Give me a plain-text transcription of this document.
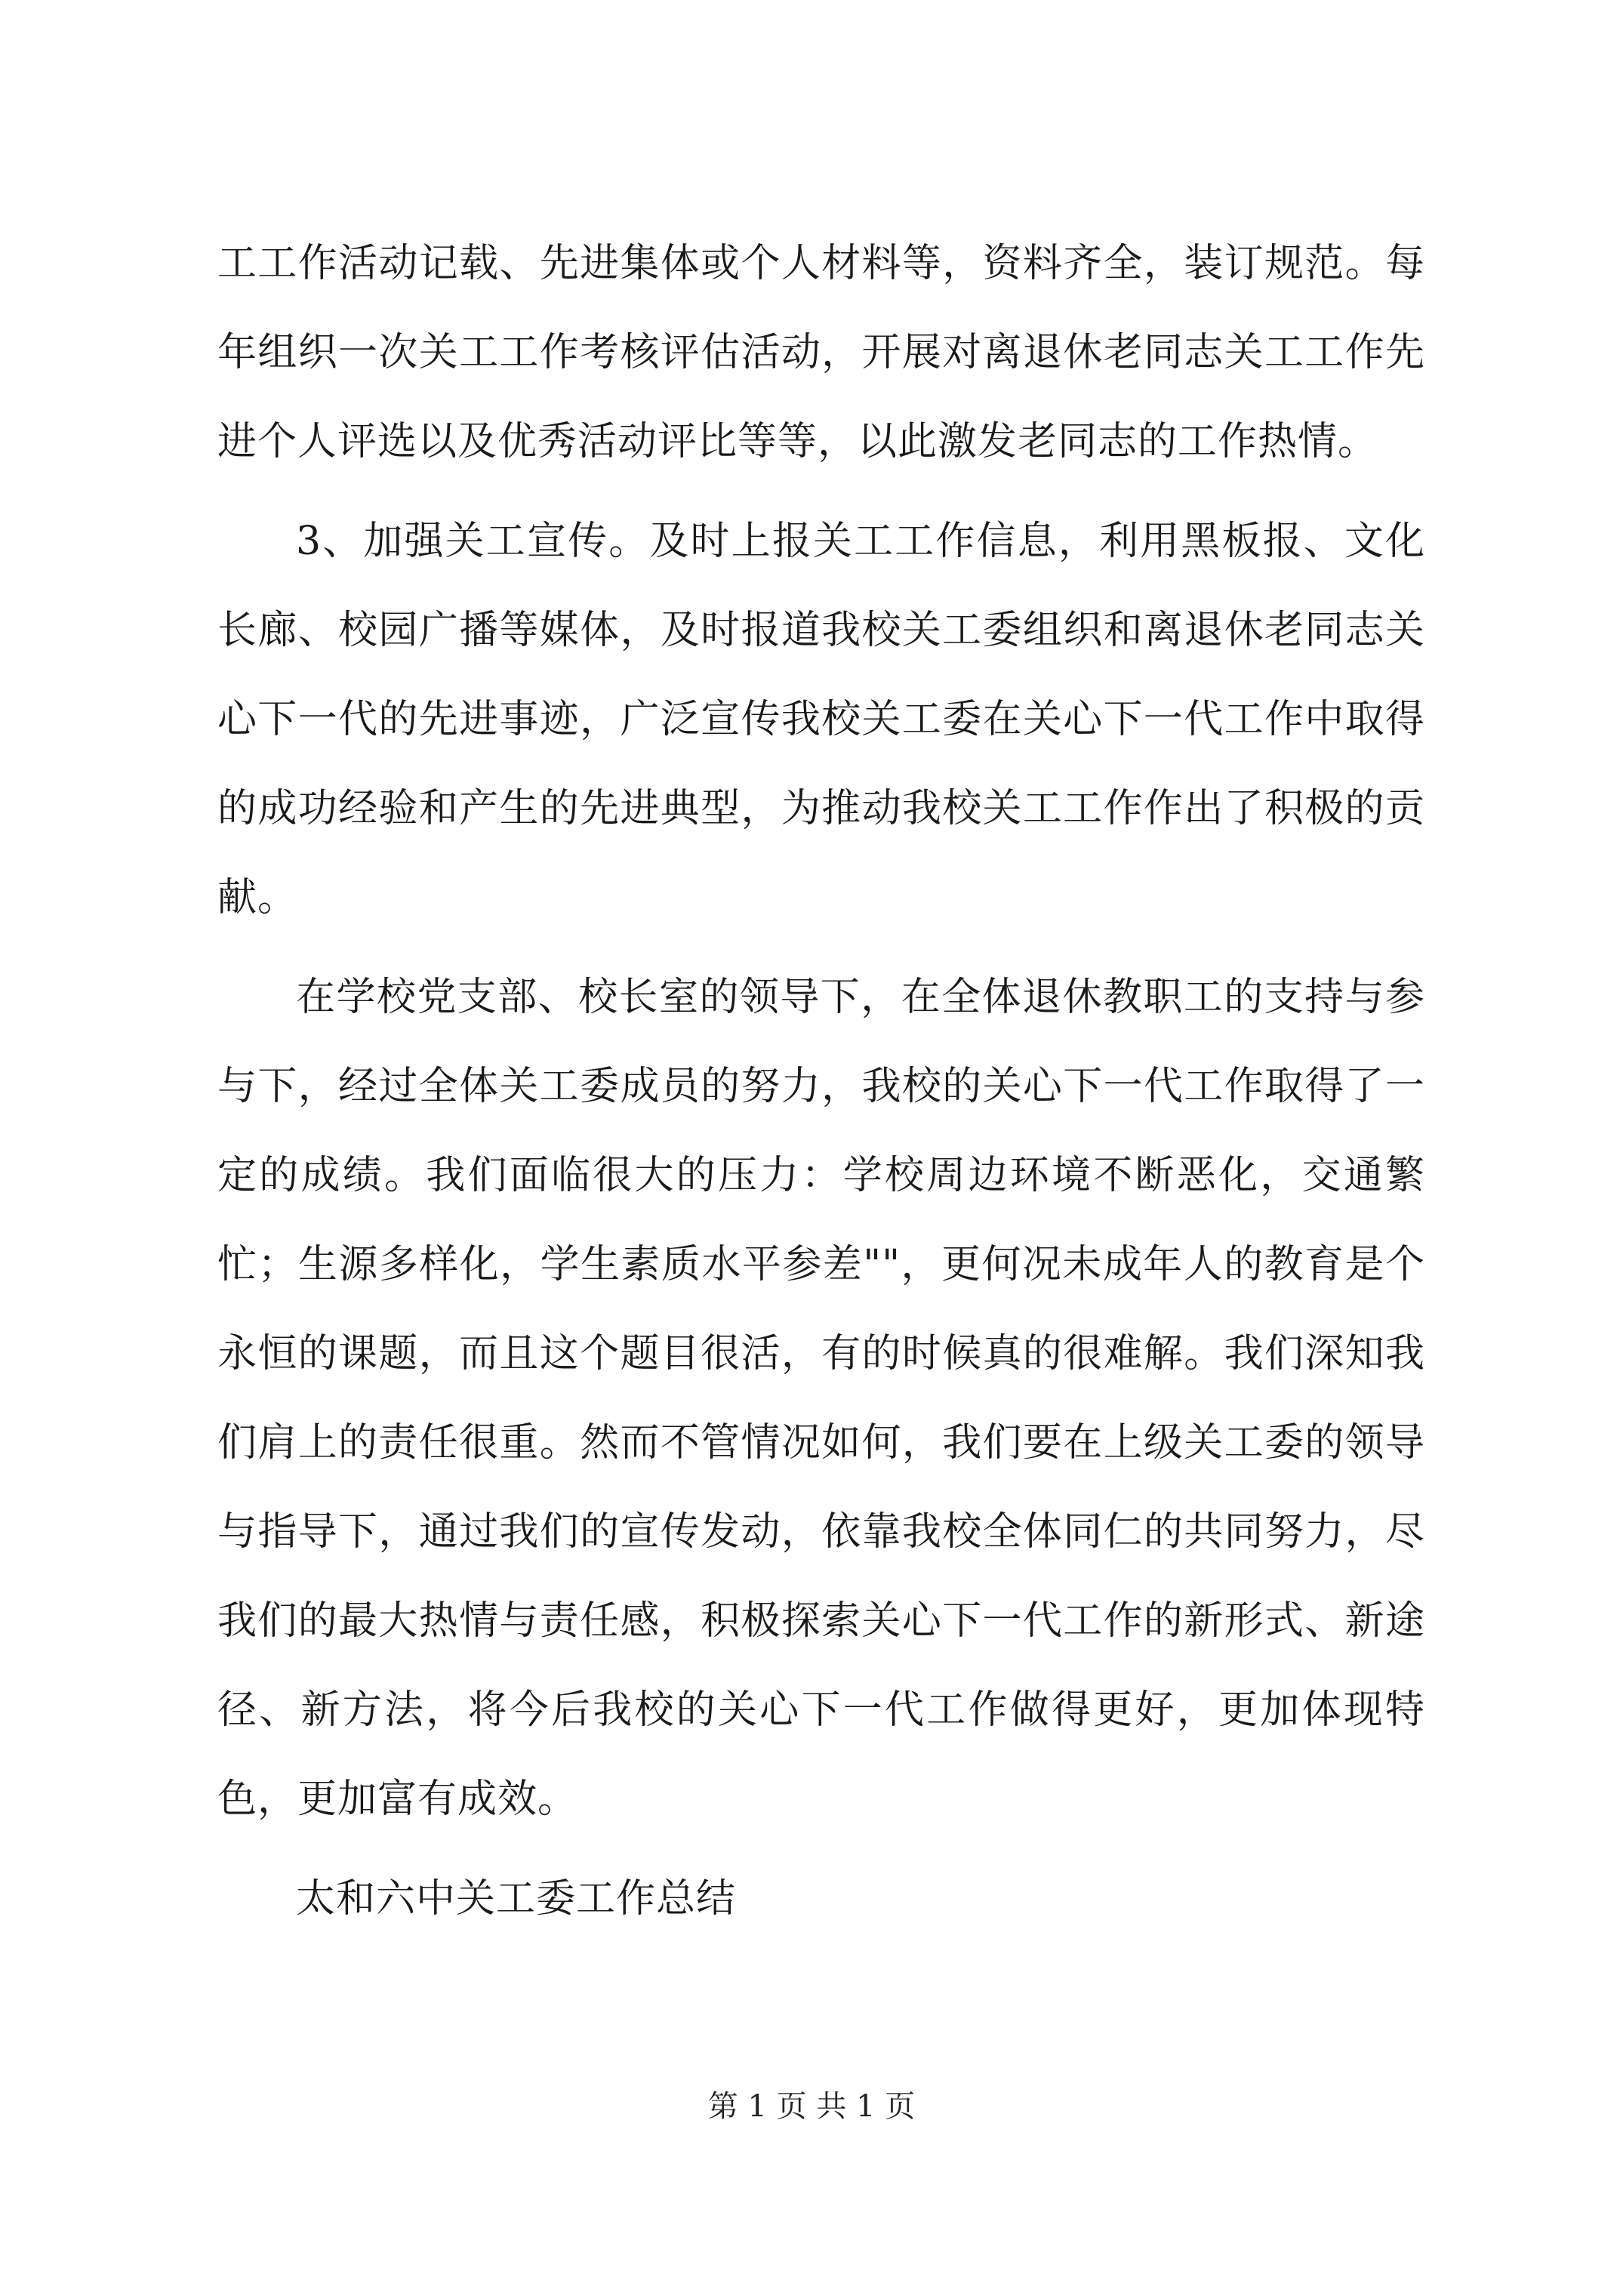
工工作活动记载、先进集体或个人材料等，资料齐全，装订规范。每年组织一次关工工作考核评估活动，开展对离退休老同志关工工作先进个人评选以及优秀活动评比等等，以此激发老同志的工作热情。

3、加强关工宣传。及时上报关工工作信息，利用黑板报、文化长廊、校园广播等媒体，及时报道我校关工委组织和离退休老同志关心下一代的先进事迹，广泛宣传我校关工委在关心下一代工作中取得的成功经验和产生的先进典型，为推动我校关工工作作出了积极的贡献。

在学校党支部、校长室的领导下，在全体退休教职工的支持与参与下，经过全体关工委成员的努力，我校的关心下一代工作取得了一定的成绩。我们面临很大的压力：学校周边环境不断恶化，交通繁忙；生源多样化，学生素质水平参差""，更何况未成年人的教育是个永恒的课题，而且这个题目很活，有的时候真的很难解。我们深知我们肩上的责任很重。然而不管情况如何，我们要在上级关工委的领导与指导下，通过我们的宣传发动，依靠我校全体同仁的共同努力，尽我们的最大热情与责任感，积极探索关心下一代工作的新形式、新途径、新方法，将今后我校的关心下一代工作做得更好，更加体现特色，更加富有成效。

太和六中关工委工作总结

第 1 页 共 1 页
